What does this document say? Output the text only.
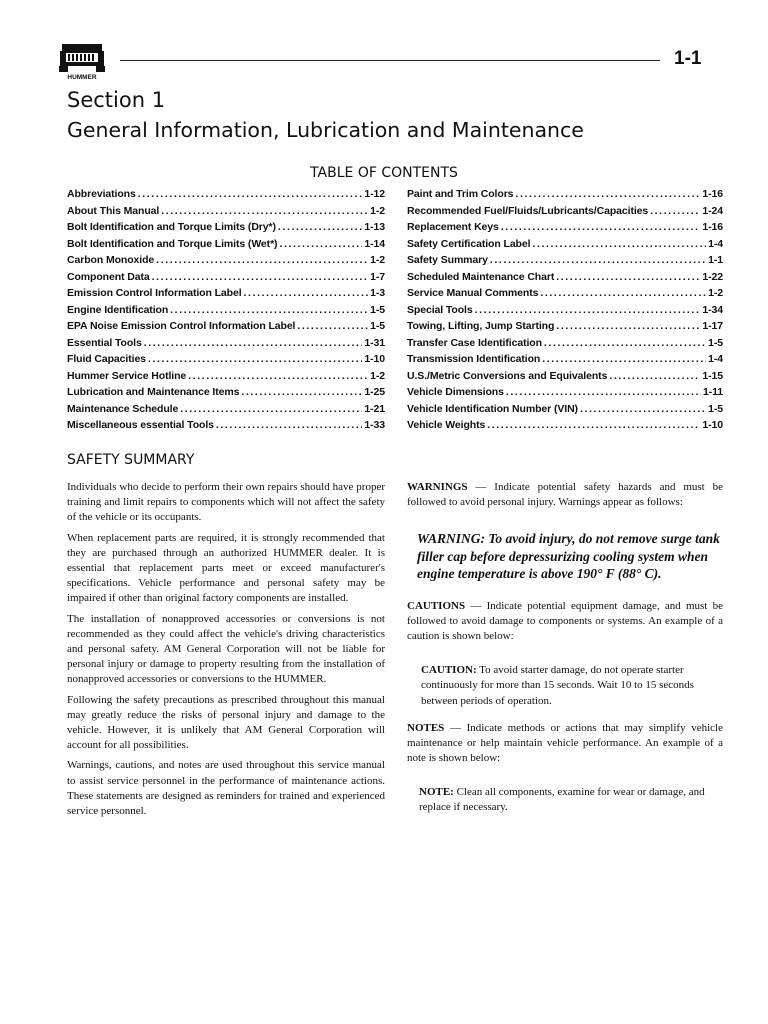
HUMMER
1-1
Section 1
General Information, Lubrication and Maintenance
TABLE OF CONTENTS
Abbreviations .....	1-12
About This Manual .....	1-2
Bolt Identification and Torque Limits (Dry*) .....	1-13
Bolt Identification and Torque Limits (Wet*) .....	1-14
Carbon Monoxide .....	1-2
Component Data .....	1-7
Emission Control Information Label .....	1-3
Engine Identification .....	1-5
EPA Noise Emission Control Information Label .....	1-5
Essential Tools .....	1-31
Fluid Capacities .....	1-10
Hummer Service Hotline .....	1-2
Lubrication and Maintenance Items .....	1-25
Maintenance Schedule .....	1-21
Miscellaneous essential Tools .....	1-33
Paint and Trim Colors .....	1-16
Recommended Fuel/Fluids/Lubricants/Capacities .....	1-24
Replacement Keys .....	1-16
Safety Certification Label .....	1-4
Safety Summary .....	1-1
Scheduled Maintenance Chart .....	1-22
Service Manual Comments .....	1-2
Special Tools .....	1-34
Towing, Lifting, Jump Starting .....	1-17
Transfer Case Identification .....	1-5
Transmission Identification .....	1-4
U.S./Metric Conversions and Equivalents .....	1-15
Vehicle Dimensions .....	1-11
Vehicle Identification Number (VIN) .....	1-5
Vehicle Weights .....	1-10
SAFETY SUMMARY

Individuals who decide to perform their own repairs should have proper training and limit repairs to components which will not affect the safety of the vehicle or its occupants.

When replacement parts are required, it is strongly recommended that they are purchased through an authorized HUMMER dealer. It is essential that replacement parts meet or exceed manufacturer's specifications. Vehicle performance and personal safety may be impaired if other than original factory components are installed.

The installation of nonapproved accessories or conversions is not recommended as they could affect the vehicle's driving characteristics and personal safety. AM General Corporation will not be liable for personal injury or damage to property resulting from the installation of nonapproved accessories or conversions to the HUMMER.

Following the safety precautions as prescribed throughout this manual may greatly reduce the risks of personal injury and damage to the vehicle. However, it is unlikely that AM General Corporation will account for all possibilities.

Warnings, cautions, and notes are used throughout this service manual to assist service personnel in the performance of maintenance actions. These statements are designed as reminders for trained and experienced service personnel.

WARNINGS — Indicate potential safety hazards and must be followed to avoid personal injury. Warnings appear as follows:

WARNING: To avoid injury, do not remove surge tank filler cap before depressurizing cooling system when engine temperature is above 190° F (88° C).

CAUTIONS — Indicate potential equipment damage, and must be followed to avoid damage to components or systems. An example of a caution is shown below:

CAUTION: To avoid starter damage, do not operate starter continuously for more than 15 seconds. Wait 10 to 15 seconds between periods of operation.

NOTES — Indicate methods or actions that may simplify vehicle maintenance or help maintain vehicle performance. An example of a note is shown below:

NOTE: Clean all components, examine for wear or damage, and replace if necessary.
